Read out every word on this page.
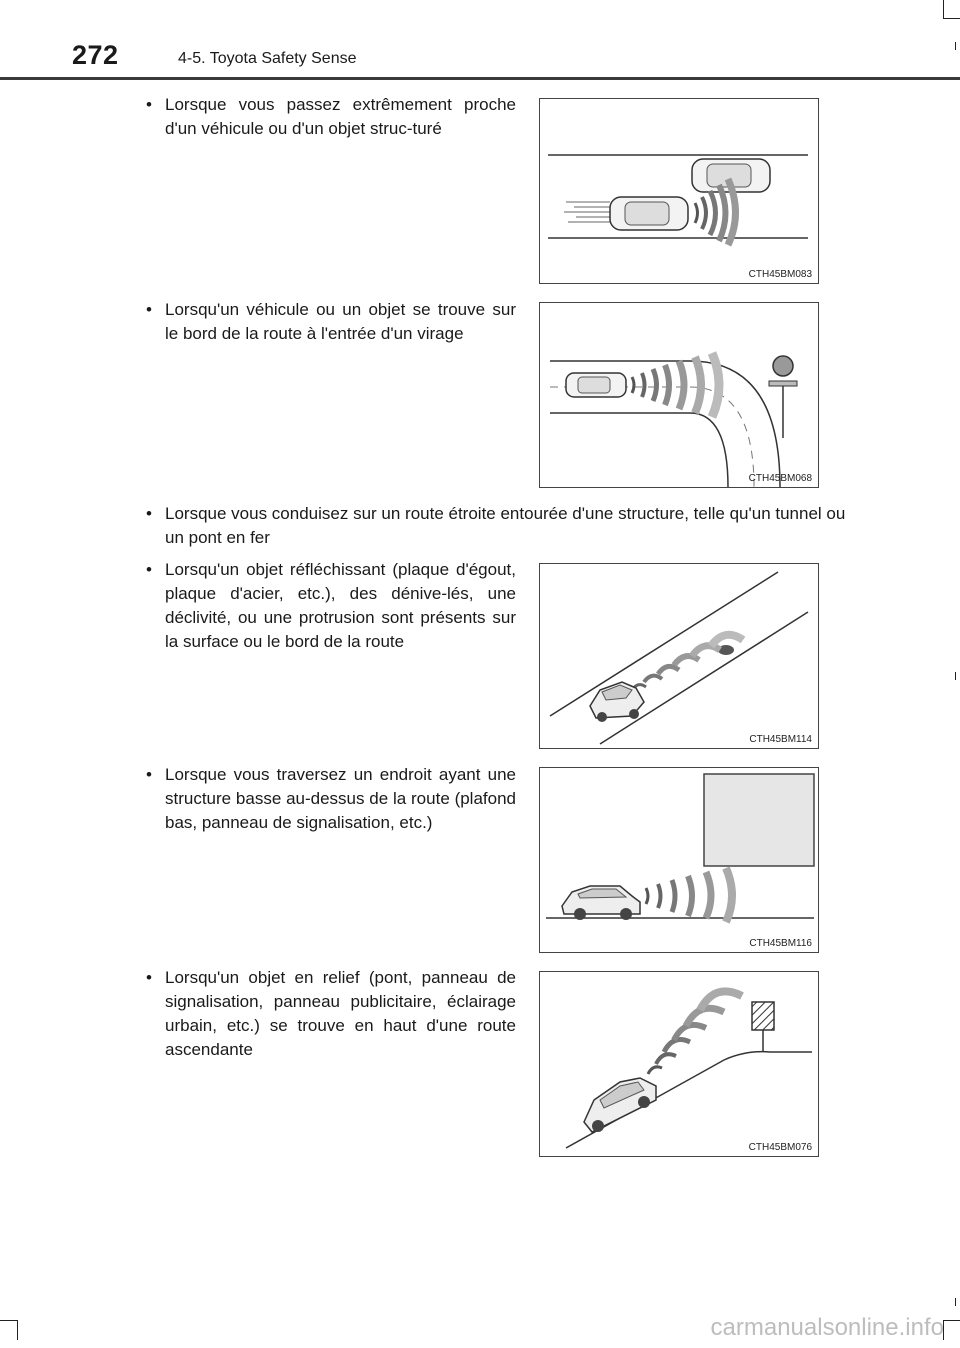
272	4-5. Toyota Safety Sense
• Lorsque vous passez extrêmement proche d'un véhicule ou d'un objet struc-turé
CTH45BM083
• Lorsqu'un véhicule ou un objet se trouve sur le bord de la route à l'entrée d'un virage
CTH45BM068
• Lorsque vous conduisez sur un route étroite entourée d'une structure, telle qu'un tunnel ou un pont en fer
• Lorsqu'un objet réfléchissant (plaque d'égout, plaque d'acier, etc.), des dénive-lés, une déclivité, ou une protrusion sont présents sur la surface ou le bord de la route
CTH45BM114
• Lorsque vous traversez un endroit ayant une structure basse au-dessus de la route (plafond bas, panneau de signalisation, etc.)
CTH45BM116
• Lorsqu'un objet en relief (pont, panneau de signalisation, panneau publicitaire, éclairage urbain, etc.) se trouve en haut d'une route ascendante
CTH45BM076
carmanualsonline.info
